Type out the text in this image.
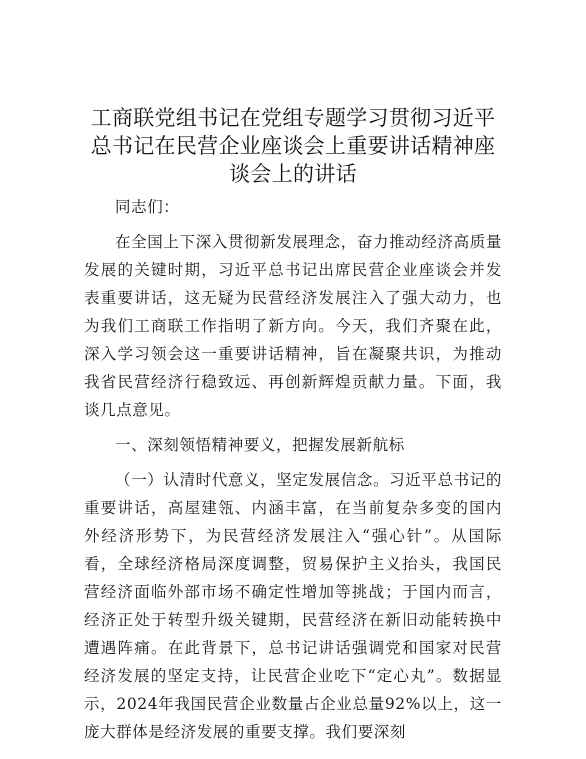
工商联党组书记在党组专题学习贯彻习近平总书记在民营企业座谈会上重要讲话精神座谈会上的讲话

同志们：

在全国上下深入贯彻新发展理念，奋力推动经济高质量发展的关键时期，习近平总书记出席民营企业座谈会并发表重要讲话，这无疑为民营经济发展注入了强大动力，也为我们工商联工作指明了新方向。今天，我们齐聚在此，深入学习领会这一重要讲话精神，旨在凝聚共识，为推动我省民营经济行稳致远、再创新辉煌贡献力量。下面，我谈几点意见。

一、深刻领悟精神要义，把握发展新航标

（一）认清时代意义，坚定发展信念。习近平总书记的重要讲话，高屋建瓴、内涵丰富，在当前复杂多变的国内外经济形势下，为民营经济发展注入“强心针”。从国际看，全球经济格局深度调整，贸易保护主义抬头，我国民营经济面临外部市场不确定性增加等挑战；于国内而言，经济正处于转型升级关键期，民营经济在新旧动能转换中遭遇阵痛。在此背景下，总书记讲话强调党和国家对民营经济发展的坚定支持，让民营企业吃下“定心丸”。数据显示，2024年我国民营企业数量占企业总量92%以上，这一庞大群体是经济发展的重要支撑。我们要深刻
